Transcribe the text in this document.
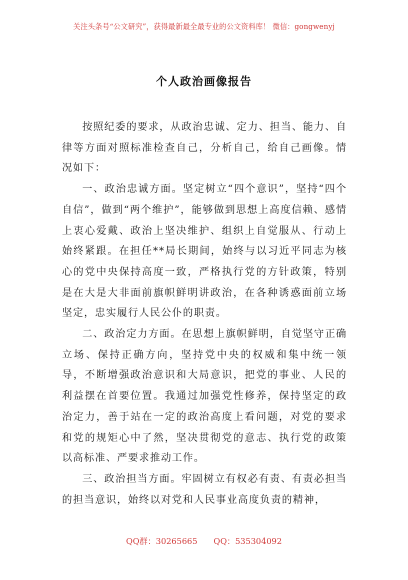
关注头条号“公文研究”，获得最新最全最专业的公文资料库！ 微信：gongwenyj
个人政治画像报告

按照纪委的要求，从政治忠诚、定力、担当、能力、自律等方面对照标准检查自己，分析自己，给自己画像。情况如下：

一、政治忠诚方面。坚定树立“四个意识”，坚持“四个自信”，做到“两个维护”，能够做到思想上高度信赖、感情上衷心爱戴、政治上坚决维护、组织上自觉服从、行动上始终紧跟。在担任**局长期间，始终与以习近平同志为核心的党中央保持高度一致，严格执行党的方针政策，特别是在大是大非面前旗帜鲜明讲政治，在各种诱惑面前立场坚定，忠实履行人民公仆的职责。

二、政治定力方面。在思想上旗帜鲜明，自觉坚守正确立场、保持正确方向，坚持党中央的权威和集中统一领导，不断增强政治意识和大局意识，把党的事业、人民的利益摆在首要位置。我通过加强党性修养，保持坚定的政治定力，善于站在一定的政治高度上看问题，对党的要求和党的规矩心中了然，坚决贯彻党的意志、执行党的政策以高标准、严要求推动工作。

三、政治担当方面。牢固树立有权必有责、有责必担当的担当意识，始终以对党和人民事业高度负责的精神，

QQ群：30265665 QQ：535304092
